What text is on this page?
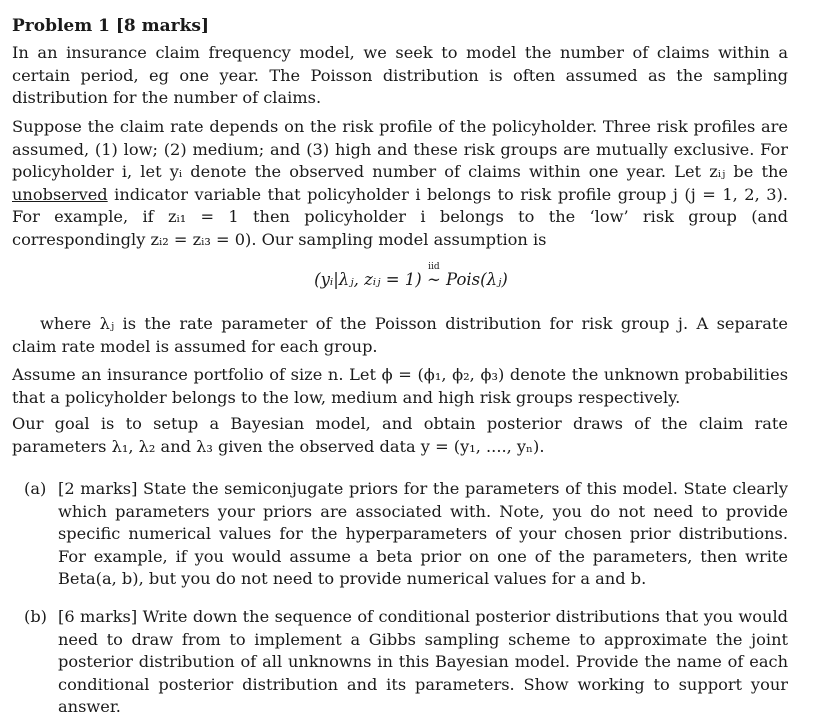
Problem 1 [8 marks]
In an insurance claim frequency model, we seek to model the number of claims within a certain period, eg one year. The Poisson distribution is often assumed as the sampling distribution for the number of claims.
Suppose the claim rate depends on the risk profile of the policyholder. Three risk profiles are assumed, (1) low; (2) medium; and (3) high and these risk groups are mutually exclusive. For policyholder i, let yᵢ denote the observed number of claims within one year. Let zᵢⱼ be the unobserved indicator variable that policyholder i belongs to risk profile group j (j = 1, 2, 3). For example, if zᵢ₁ = 1 then policyholder i belongs to the ‘low’ risk group (and correspondingly zᵢ₂ = zᵢ₃ = 0). Our sampling model assumption is
(yᵢ|λⱼ, zᵢⱼ = 1)
iid
∼ Pois(λⱼ)
where λⱼ is the rate parameter of the Poisson distribution for risk group j. A separate claim rate model is assumed for each group.
Assume an insurance portfolio of size n. Let ϕ = (ϕ₁, ϕ₂, ϕ₃) denote the unknown probabilities that a policyholder belongs to the low, medium and high risk groups respectively.
Our goal is to setup a Bayesian model, and obtain posterior draws of the claim rate parameters λ₁, λ₂ and λ₃ given the observed data y = (y₁, ...., yₙ).
(a) [2 marks] State the semiconjugate priors for the parameters of this model. State clearly which parameters your priors are associated with. Note, you do not need to provide specific numerical values for the hyperparameters of your chosen prior distributions. For example, if you would assume a beta prior on one of the parameters, then write Beta(a, b), but you do not need to provide numerical values for a and b.
(b) [6 marks] Write down the sequence of conditional posterior distributions that you would need to draw from to implement a Gibbs sampling scheme to approximate the joint posterior distribution of all unknowns in this Bayesian model. Provide the name of each conditional posterior distribution and its parameters. Show working to support your answer.
